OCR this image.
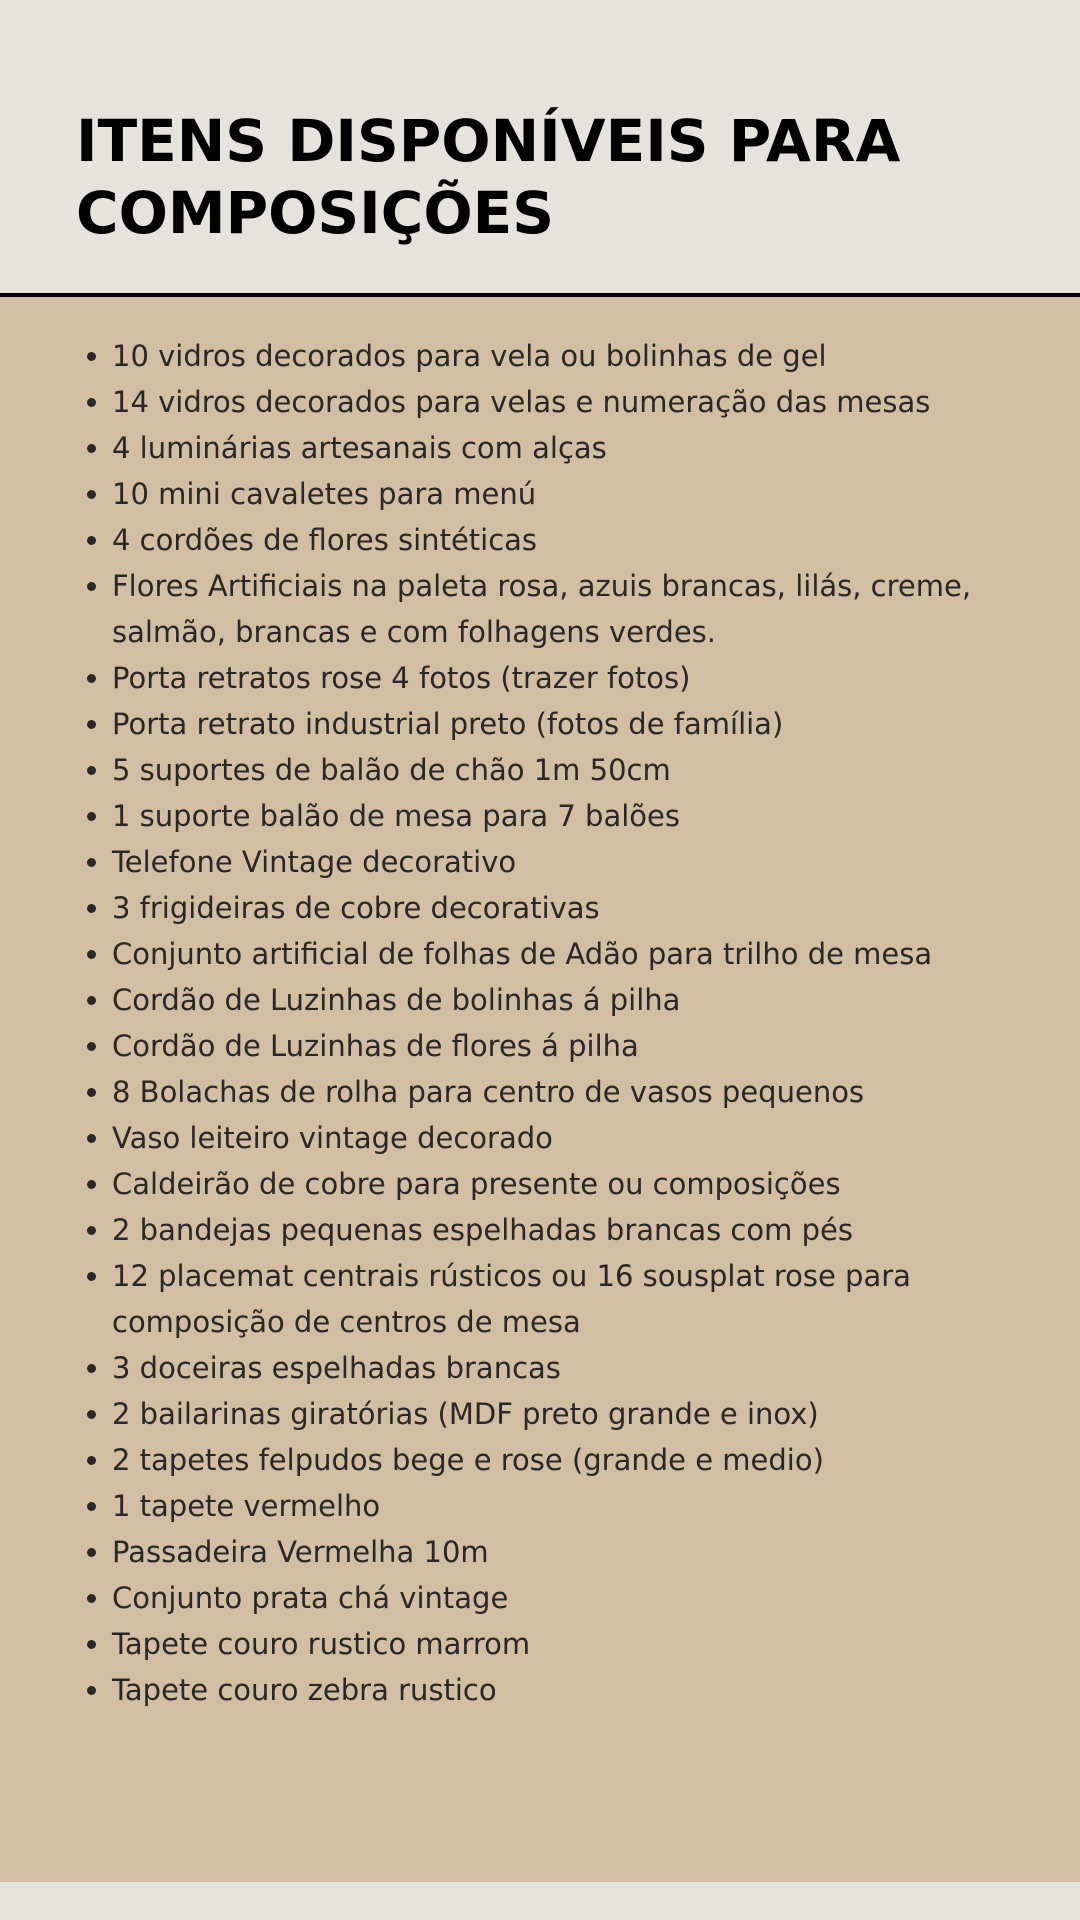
ITENS DISPONÍVEIS PARA
COMPOSIÇÕES
10 vidros decorados para vela ou bolinhas de gel
14 vidros decorados para velas e numeração das mesas
4 luminárias artesanais com alças
10 mini cavaletes para menú
4 cordões de flores sintéticas
Flores Artificiais na paleta rosa, azuis brancas, lilás, creme, salmão, brancas e com folhagens verdes.
Porta retratos rose 4 fotos (trazer fotos)
Porta retrato industrial preto (fotos de família)
5 suportes de balão de chão 1m 50cm
1 suporte balão de mesa para 7 balões
Telefone Vintage decorativo
3 frigideiras de cobre decorativas
Conjunto artificial de folhas de Adão para trilho de mesa
Cordão de Luzinhas de bolinhas á pilha
Cordão de Luzinhas de flores á pilha
8 Bolachas de rolha para centro de vasos pequenos
Vaso leiteiro vintage decorado
Caldeirão de cobre para presente ou composições
2 bandejas pequenas espelhadas brancas com pés
12 placemat centrais rústicos ou 16 sousplat rose para composição de centros de mesa
3 doceiras espelhadas brancas
2 bailarinas giratórias (MDF preto grande e inox)
2 tapetes felpudos bege e rose (grande e medio)
1 tapete vermelho
Passadeira Vermelha 10m
Conjunto prata chá vintage
Tapete couro rustico marrom
Tapete couro zebra rustico
